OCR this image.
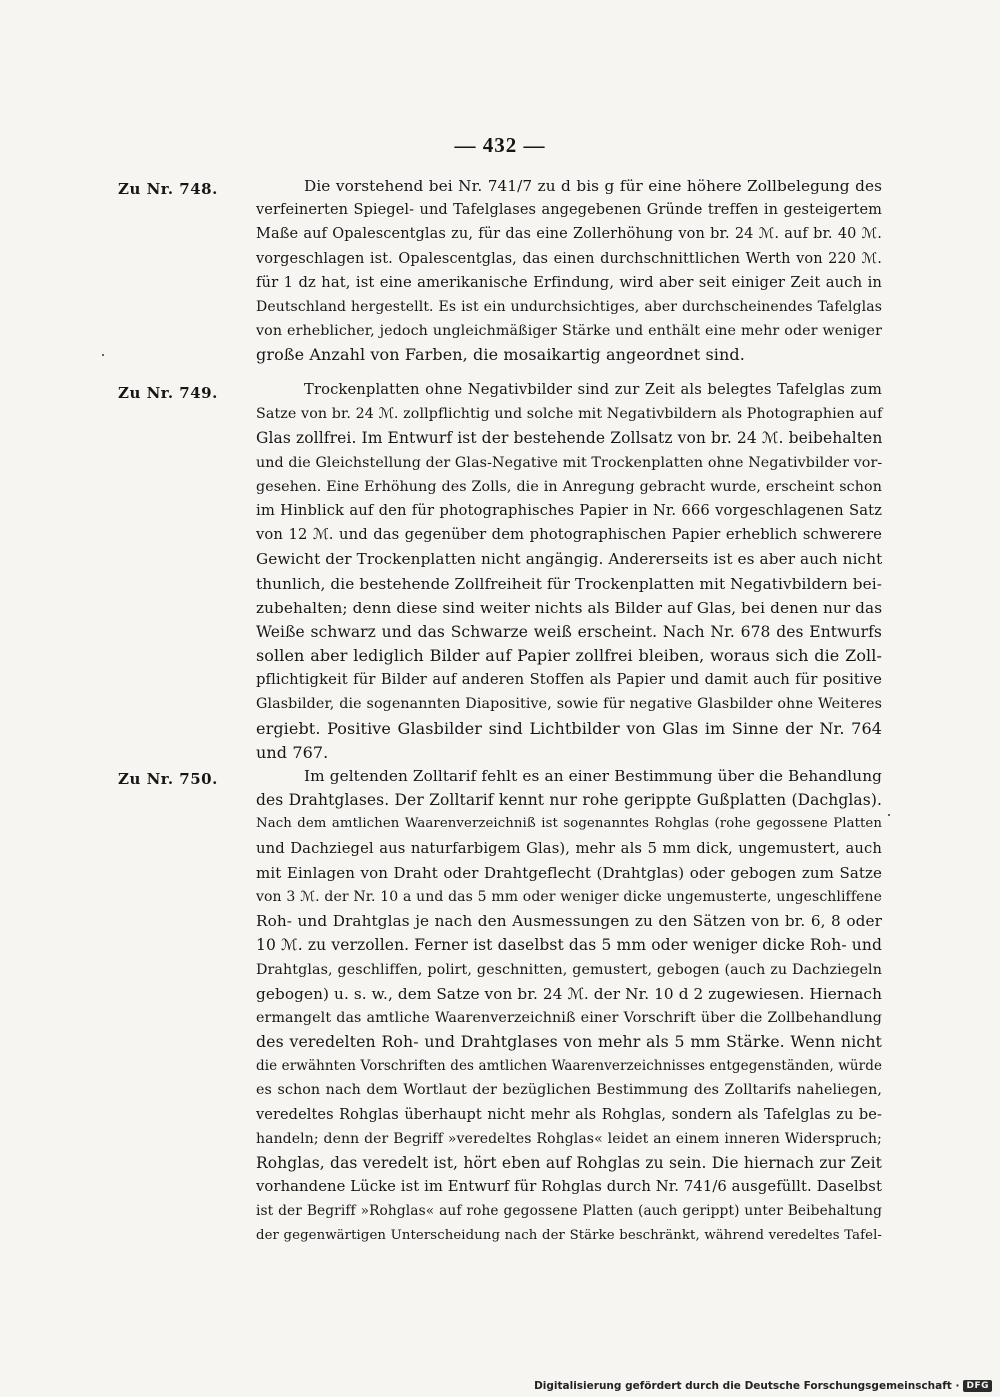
— 432 —
Zu Nr. 748.	Die vorstehend bei Nr. 741/7 zu d bis g für eine höhere Zollbelegung des
verfeinerten Spiegel- und Tafelglases angegebenen Gründe treffen in gesteigertem
Maße auf Opalescentglas zu, für das eine Zollerhöhung von br. 24 ℳ. auf br. 40 ℳ.
vorgeschlagen ist. Opalescentglas, das einen durchschnittlichen Werth von 220 ℳ.
für 1 dz hat, ist eine amerikanische Erfindung, wird aber seit einiger Zeit auch in
Deutschland hergestellt. Es ist ein undurchsichtiges, aber durchscheinendes Tafelglas
von erheblicher, jedoch ungleichmäßiger Stärke und enthält eine mehr oder weniger
große Anzahl von Farben, die mosaikartig angeordnet sind.
Zu Nr. 749.	Trockenplatten ohne Negativbilder sind zur Zeit als belegtes Tafelglas zum
Satze von br. 24 ℳ. zollpflichtig und solche mit Negativbildern als Photographien auf
Glas zollfrei. Im Entwurf ist der bestehende Zollsatz von br. 24 ℳ. beibehalten
und die Gleichstellung der Glas-Negative mit Trockenplatten ohne Negativbilder vor-
gesehen. Eine Erhöhung des Zolls, die in Anregung gebracht wurde, erscheint schon
im Hinblick auf den für photographisches Papier in Nr. 666 vorgeschlagenen Satz
von 12 ℳ. und das gegenüber dem photographischen Papier erheblich schwerere
Gewicht der Trockenplatten nicht angängig. Andererseits ist es aber auch nicht
thunlich, die bestehende Zollfreiheit für Trockenplatten mit Negativbildern bei-
zubehalten; denn diese sind weiter nichts als Bilder auf Glas, bei denen nur das
Weiße schwarz und das Schwarze weiß erscheint. Nach Nr. 678 des Entwurfs
sollen aber lediglich Bilder auf Papier zollfrei bleiben, woraus sich die Zoll-
pflichtigkeit für Bilder auf anderen Stoffen als Papier und damit auch für positive
Glasbilder, die sogenannten Diapositive, sowie für negative Glasbilder ohne Weiteres
ergiebt. Positive Glasbilder sind Lichtbilder von Glas im Sinne der Nr. 764
und 767.
Zu Nr. 750.	Im geltenden Zolltarif fehlt es an einer Bestimmung über die Behandlung
des Drahtglases. Der Zolltarif kennt nur rohe gerippte Gußplatten (Dachglas).
Nach dem amtlichen Waarenverzeichniß ist sogenanntes Rohglas (rohe gegossene Platten
und Dachziegel aus naturfarbigem Glas), mehr als 5 mm dick, ungemustert, auch
mit Einlagen von Draht oder Drahtgeflecht (Drahtglas) oder gebogen zum Satze
von 3 ℳ. der Nr. 10 a und das 5 mm oder weniger dicke ungemusterte, ungeschliffene
Roh- und Drahtglas je nach den Ausmessungen zu den Sätzen von br. 6, 8 oder
10 ℳ. zu verzollen. Ferner ist daselbst das 5 mm oder weniger dicke Roh- und
Drahtglas, geschliffen, polirt, geschnitten, gemustert, gebogen (auch zu Dachziegeln
gebogen) u. s. w., dem Satze von br. 24 ℳ. der Nr. 10 d 2 zugewiesen. Hiernach
ermangelt das amtliche Waarenverzeichniß einer Vorschrift über die Zollbehandlung
des veredelten Roh- und Drahtglases von mehr als 5 mm Stärke. Wenn nicht
die erwähnten Vorschriften des amtlichen Waarenverzeichnisses entgegenständen, würde
es schon nach dem Wortlaut der bezüglichen Bestimmung des Zolltarifs naheliegen,
veredeltes Rohglas überhaupt nicht mehr als Rohglas, sondern als Tafelglas zu be-
handeln; denn der Begriff »veredeltes Rohglas« leidet an einem inneren Widerspruch;
Rohglas, das veredelt ist, hört eben auf Rohglas zu sein. Die hiernach zur Zeit
vorhandene Lücke ist im Entwurf für Rohglas durch Nr. 741/6 ausgefüllt. Daselbst
ist der Begriff »Rohglas« auf rohe gegossene Platten (auch gerippt) unter Beibehaltung
der gegenwärtigen Unterscheidung nach der Stärke beschränkt, während veredeltes Tafel-
Digitalisierung gefördert durch die Deutsche Forschungsgemeinschaft · DFG
